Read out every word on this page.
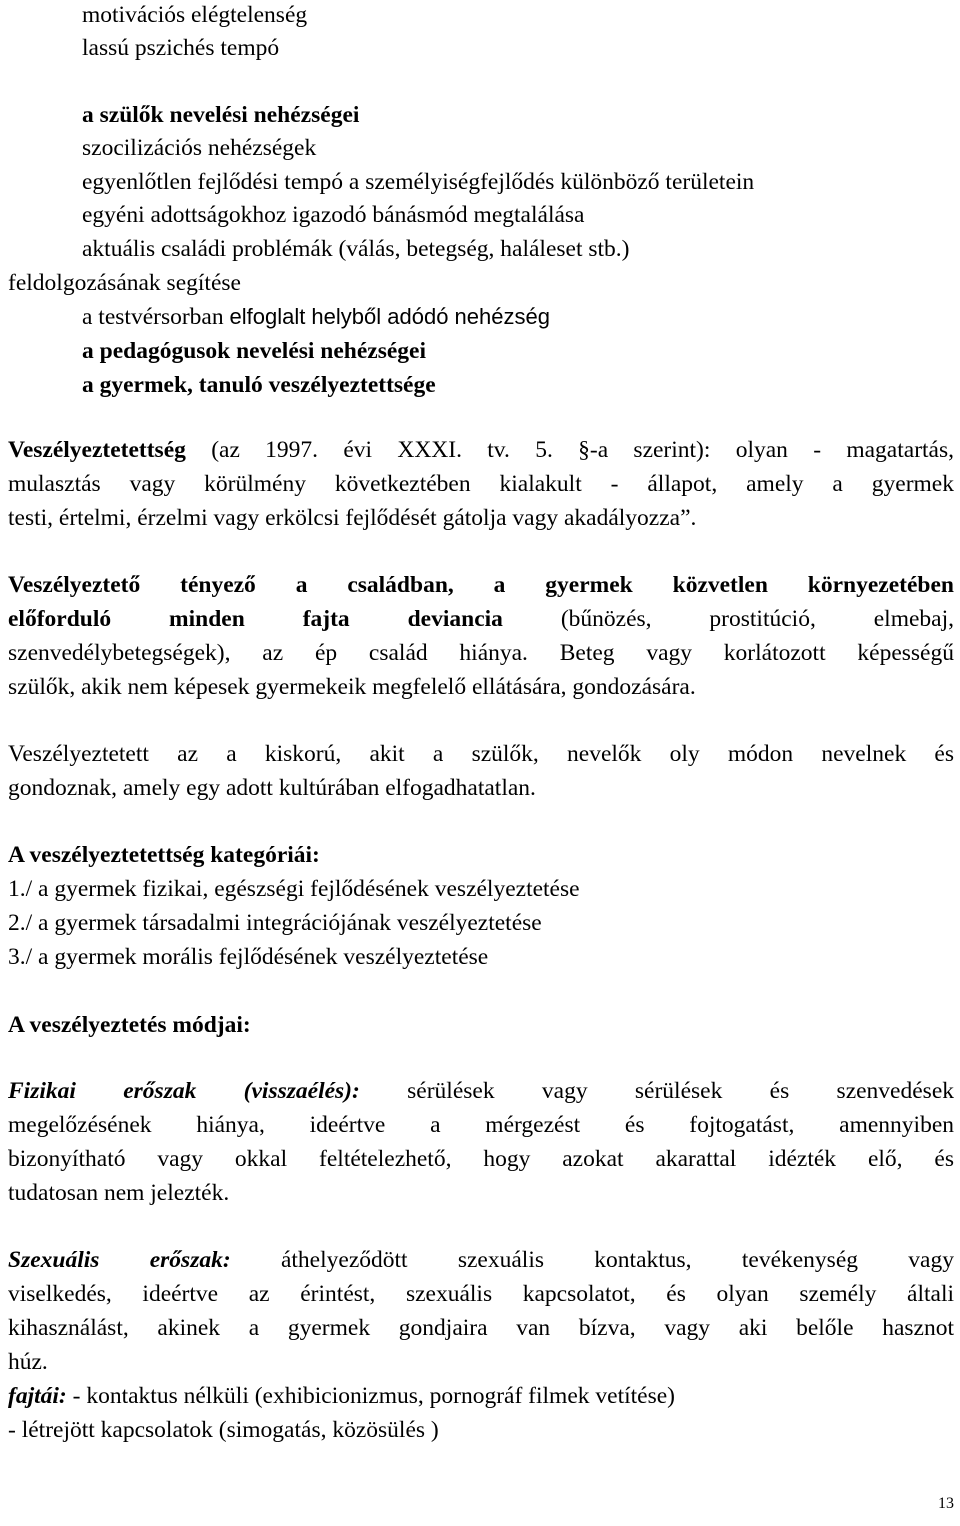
motivációs elégtelenség
lassú pszichés tempó
a szülők nevelési nehézségei
szocilizációs nehézségek
egyenlőtlen fejlődési tempó a személyiségfejlődés különböző területein
egyéni adottságokhoz igazodó bánásmód megtalálása
aktuális családi problémák (válás, betegség, haláleset stb.)
feldolgozásának segítése
a testvérsorban elfoglalt helyből adódó nehézség
a pedagógusok nevelési nehézségei
a gyermek, tanuló veszélyeztettsége
Veszélyeztetettség (az 1997. évi XXXI. tv. 5. §-a szerint): olyan - magatartás,
mulasztás vagy körülmény következtében kialakult - állapot, amely a gyermek
testi, értelmi, érzelmi vagy erkölcsi fejlődését gátolja vagy akadályozza”.
Veszélyeztető tényező a családban, a gyermek közvetlen környezetében
előforduló minden fajta deviancia (bűnözés, prostitúció, elmebaj,
szenvedélybetegségek), az ép család hiánya. Beteg vagy korlátozott képességű
szülők, akik nem képesek gyermekeik megfelelő ellátására, gondozására.
Veszélyeztetett az a kiskorú, akit a szülők, nevelők oly módon nevelnek és
gondoznak, amely egy adott kultúrában elfogadhatatlan.
A veszélyeztetettség kategóriái:
1./ a gyermek fizikai, egészségi fejlődésének veszélyeztetése
2./ a gyermek társadalmi integrációjának veszélyeztetése
3./ a gyermek morális fejlődésének veszélyeztetése
A veszélyeztetés módjai:
Fizikai erőszak (visszaélés): sérülések vagy sérülések és szenvedések
megelőzésének hiánya, ideértve a mérgezést és fojtogatást, amennyiben
bizonyítható vagy okkal feltételezhető, hogy azokat akarattal idézték elő, és
tudatosan nem jelezték.
Szexuális erőszak: áthelyeződött szexuális kontaktus, tevékenység vagy
viselkedés, ideértve az érintést, szexuális kapcsolatot, és olyan személy általi
kihasználást, akinek a gyermek gondjaira van bízva, vagy aki belőle hasznot
húz.
fajtái: - kontaktus nélküli (exhibicionizmus, pornográf filmek vetítése)
- létrejött kapcsolatok (simogatás, közösülés )
13
